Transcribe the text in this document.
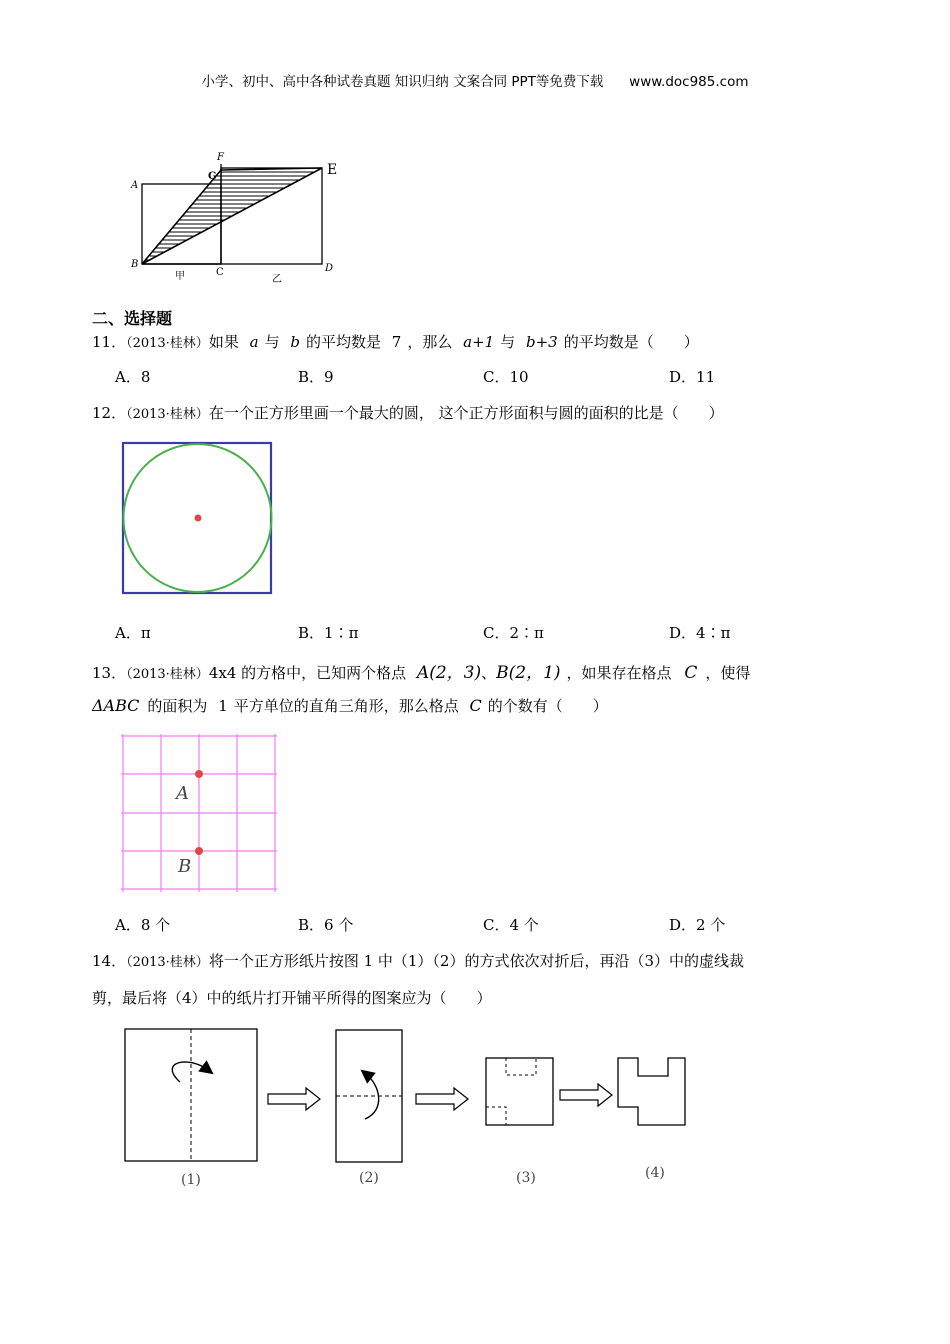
小学、初中、高中各种试卷真题 知识归纳 文案合同 PPT等免费下载      www.doc985.com
F
E
A
G
B
C	D
甲	乙
二、选择题
11．（2013·桂林）如果 a 与 b 的平均数是 7 ，那么 a+1 与 b+3 的平均数是（　　）
A．8	B．9	C．10	D．11
12．（2013·桂林）在一个正方形里画一个最大的圆， 这个正方形面积与圆的面积的比是（　　）
A．π	B．1∶π	C．2∶π	D．4∶π
13．（2013·桂林）4x4 的方格中，已知两个格点 A(2，3)、B(2，1) ，如果存在格点 C ，使得
ΔABC 的面积为 1 平方单位的直角三角形，那么格点 C 的个数有（　　）
A
B
A．8 个	B．6 个	C．4 个	D．2 个
14．（2013·桂林）将一个正方形纸片按图 1 中（1）（2）的方式依次对折后，再沿（3）中的虚线裁
剪，最后将（4）中的纸片打开铺平所得的图案应为（　　）
(1)	(2)	(3)	(4)
